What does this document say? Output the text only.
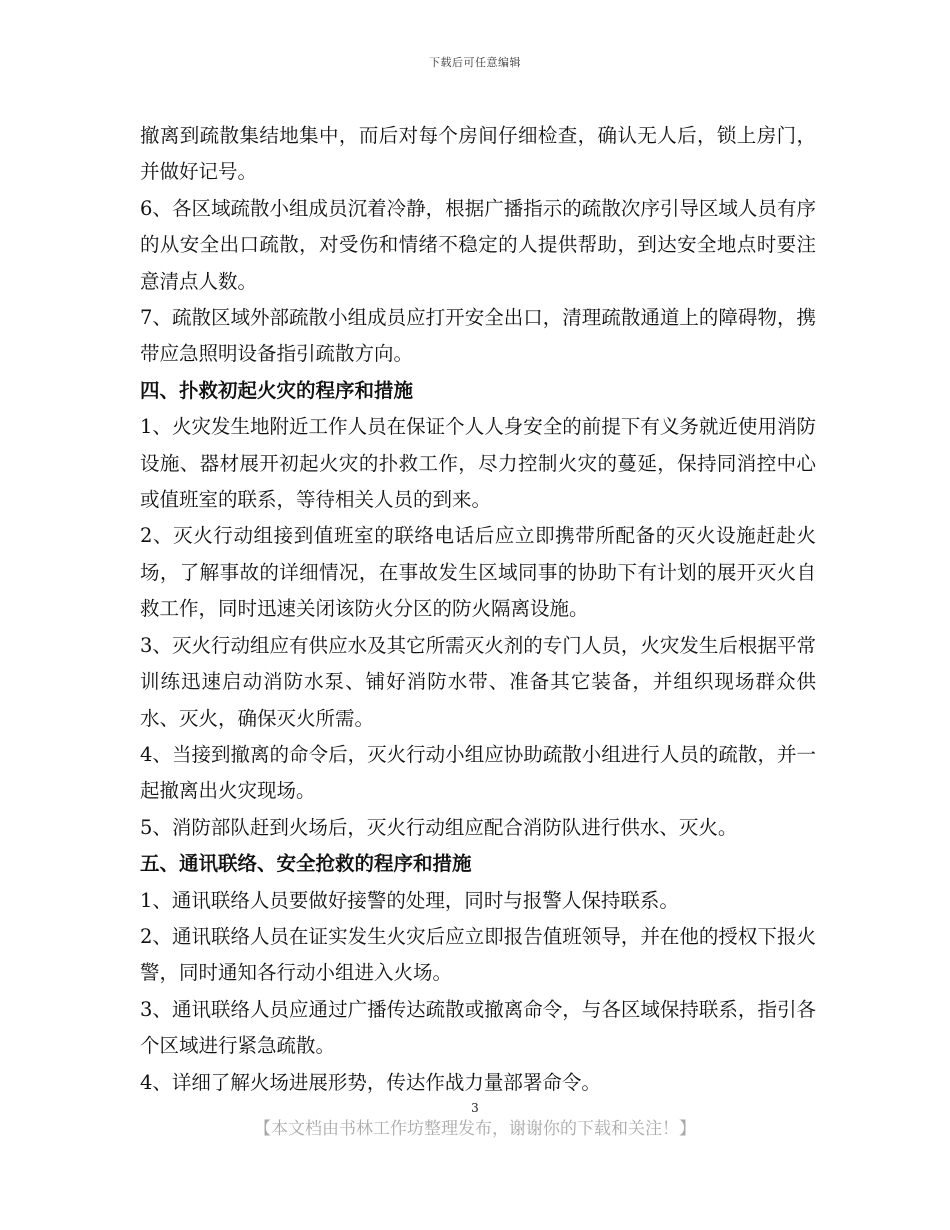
下载后可任意编辑

撤离到疏散集结地集中，而后对每个房间仔细检查，确认无人后，锁上房门，并做好记号。

6、各区域疏散小组成员沉着冷静，根据广播指示的疏散次序引导区域人员有序的从安全出口疏散，对受伤和情绪不稳定的人提供帮助，到达安全地点时要注意清点人数。

7、疏散区域外部疏散小组成员应打开安全出口，清理疏散通道上的障碍物，携带应急照明设备指引疏散方向。

四、扑救初起火灾的程序和措施

1、火灾发生地附近工作人员在保证个人人身安全的前提下有义务就近使用消防设施、器材展开初起火灾的扑救工作，尽力控制火灾的蔓延，保持同消控中心或值班室的联系，等待相关人员的到来。

2、灭火行动组接到值班室的联络电话后应立即携带所配备的灭火设施赶赴火场，了解事故的详细情况，在事故发生区域同事的协助下有计划的展开灭火自救工作，同时迅速关闭该防火分区的防火隔离设施。

3、灭火行动组应有供应水及其它所需灭火剂的专门人员，火灾发生后根据平常训练迅速启动消防水泵、铺好消防水带、准备其它装备，并组织现场群众供水、灭火，确保灭火所需。

4、当接到撤离的命令后，灭火行动小组应协助疏散小组进行人员的疏散，并一起撤离出火灾现场。

5、消防部队赶到火场后，灭火行动组应配合消防队进行供水、灭火。

五、通讯联络、安全抢救的程序和措施

1、通讯联络人员要做好接警的处理，同时与报警人保持联系。

2、通讯联络人员在证实发生火灾后应立即报告值班领导，并在他的授权下报火警，同时通知各行动小组进入火场。

3、通讯联络人员应通过广播传达疏散或撤离命令，与各区域保持联系，指引各个区域进行紧急疏散。

4、详细了解火场进展形势，传达作战力量部署命令。

3
【本文档由书林工作坊整理发布，谢谢你的下载和关注！】
